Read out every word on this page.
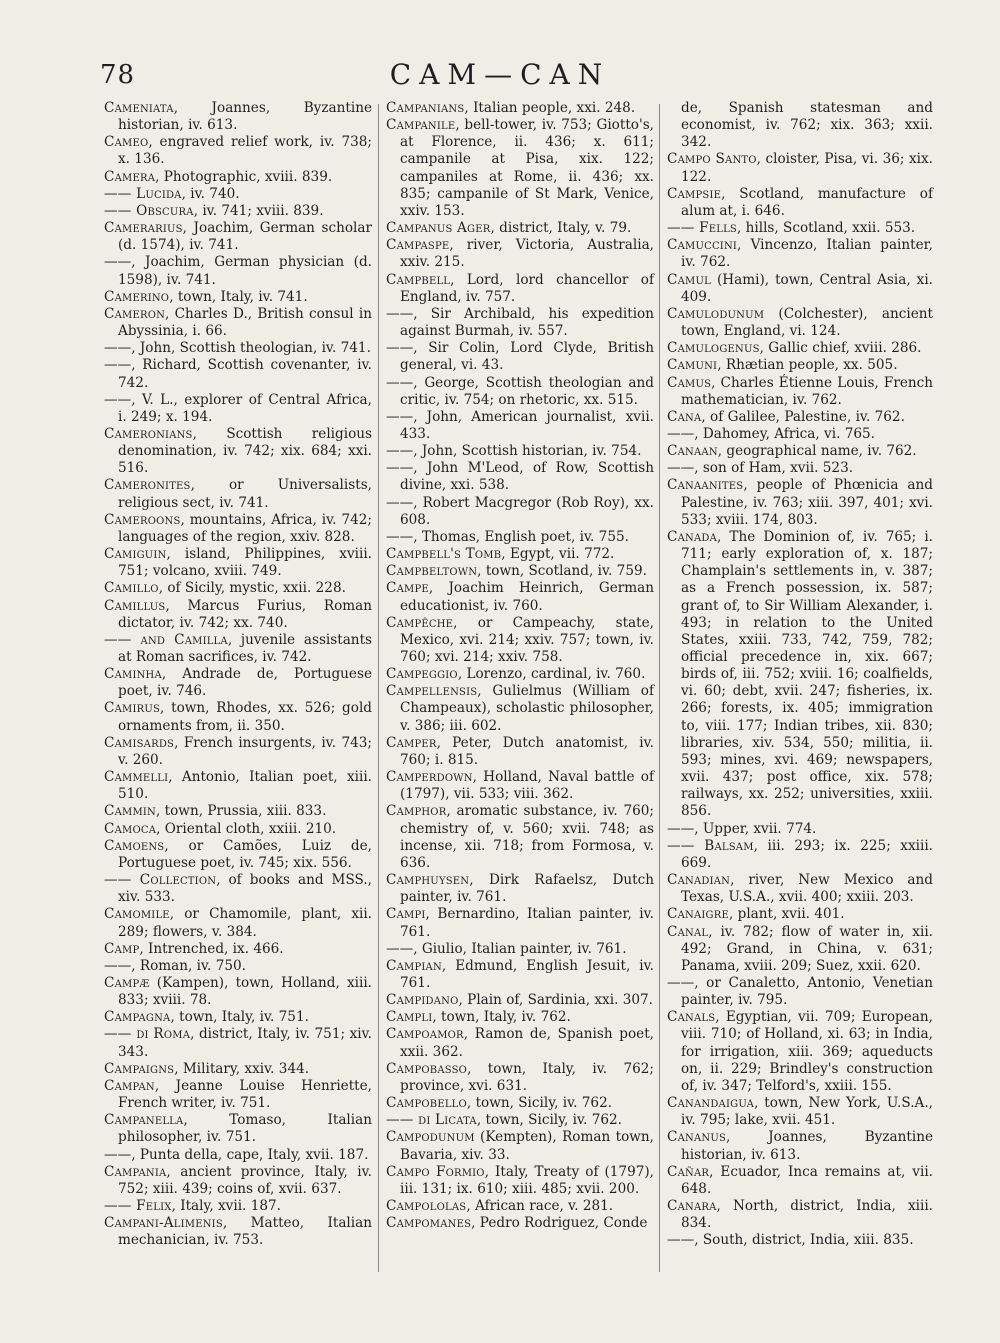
78	CAM—CAN

Cameniata, Joannes, Byzantine historian, iv. 613.

Cameo, engraved relief work, iv. 738; x. 136.

Camera, Photographic, xviii. 839.

—— Lucida, iv. 740.

—— Obscura, iv. 741; xviii. 839.

Camerarius, Joachim, German scholar (d. 1574), iv. 741.

——, Joachim, German physician (d. 1598), iv. 741.

Camerino, town, Italy, iv. 741.

Cameron, Charles D., British consul in Abyssinia, i. 66.

——, John, Scottish theologian, iv. 741.

——, Richard, Scottish covenanter, iv. 742.

——, V. L., explorer of Central Africa, i. 249; x. 194.

Cameronians, Scottish religious denomination, iv. 742; xix. 684; xxi. 516.

Cameronites, or Universalists, religious sect, iv. 741.

Cameroons, mountains, Africa, iv. 742; languages of the region, xxiv. 828.

Camiguin, island, Philippines, xviii. 751; volcano, xviii. 749.

Camillo, of Sicily, mystic, xxii. 228.

Camillus, Marcus Furius, Roman dictator, iv. 742; xx. 740.

—— and Camilla, juvenile assistants at Roman sacrifices, iv. 742.

Caminha, Andrade de, Portuguese poet, iv. 746.

Camirus, town, Rhodes, xx. 526; gold ornaments from, ii. 350.

Camisards, French insurgents, iv. 743; v. 260.

Cammelli, Antonio, Italian poet, xiii. 510.

Cammin, town, Prussia, xiii. 833.

Camoca, Oriental cloth, xxiii. 210.

Camoens, or Camões, Luiz de, Portuguese poet, iv. 745; xix. 556.

—— Collection, of books and MSS., xiv. 533.

Camomile, or Chamomile, plant, xii. 289; flowers, v. 384.

Camp, Intrenched, ix. 466.

——, Roman, iv. 750.

Campæ (Kampen), town, Holland, xiii. 833; xviii. 78.

Campagna, town, Italy, iv. 751.

—— di Roma, district, Italy, iv. 751; xiv. 343.

Campaigns, Military, xxiv. 344.

Campan, Jeanne Louise Henriette, French writer, iv. 751.

Campanella, Tomaso, Italian philosopher, iv. 751.

——, Punta della, cape, Italy, xvii. 187.

Campania, ancient province, Italy, iv. 752; xiii. 439; coins of, xvii. 637.

—— Felix, Italy, xvii. 187.

Campani-Alimenis, Matteo, Italian mechanician, iv. 753.

Campanians, Italian people, xxi. 248.

Campanile, bell-tower, iv. 753; Giotto's, at Florence, ii. 436; x. 611; campanile at Pisa, xix. 122; campaniles at Rome, ii. 436; xx. 835; campanile of St Mark, Venice, xxiv. 153.

Campanus Ager, district, Italy, v. 79.

Campaspe, river, Victoria, Australia, xxiv. 215.

Campbell, Lord, lord chancellor of England, iv. 757.

——, Sir Archibald, his expedition against Burmah, iv. 557.

——, Sir Colin, Lord Clyde, British general, vi. 43.

——, George, Scottish theologian and critic, iv. 754; on rhetoric, xx. 515.

——, John, American journalist, xvii. 433.

——, John, Scottish historian, iv. 754.

——, John M'Leod, of Row, Scottish divine, xxi. 538.

——, Robert Macgregor (Rob Roy), xx. 608.

——, Thomas, English poet, iv. 755.

Campbell's Tomb, Egypt, vii. 772.

Campbeltown, town, Scotland, iv. 759.

Campe, Joachim Heinrich, German educationist, iv. 760.

Campêche, or Campeachy, state, Mexico, xvi. 214; xxiv. 757; town, iv. 760; xvi. 214; xxiv. 758.

Campeggio, Lorenzo, cardinal, iv. 760.

Campellensis, Gulielmus (William of Champeaux), scholastic philosopher, v. 386; iii. 602.

Camper, Peter, Dutch anatomist, iv. 760; i. 815.

Camperdown, Holland, Naval battle of (1797), vii. 533; viii. 362.

Camphor, aromatic substance, iv. 760; chemistry of, v. 560; xvii. 748; as incense, xii. 718; from Formosa, v. 636.

Camphuysen, Dirk Rafaelsz, Dutch painter, iv. 761.

Campi, Bernardino, Italian painter, iv. 761.

——, Giulio, Italian painter, iv. 761.

Campian, Edmund, English Jesuit, iv. 761.

Campidano, Plain of, Sardinia, xxi. 307.

Campli, town, Italy, iv. 762.

Campoamor, Ramon de, Spanish poet, xxii. 362.

Campobasso, town, Italy, iv. 762; province, xvi. 631.

Campobello, town, Sicily, iv. 762.

—— di Licata, town, Sicily, iv. 762.

Campodunum (Kempten), Roman town, Bavaria, xiv. 33.

Campo Formio, Italy, Treaty of (1797), iii. 131; ix. 610; xiii. 485; xvii. 200.

Campololas, African race, v. 281.

Campomanes, Pedro Rodriguez, Conde

de, Spanish statesman and economist, iv. 762; xix. 363; xxii. 342.

Campo Santo, cloister, Pisa, vi. 36; xix. 122.

Campsie, Scotland, manufacture of alum at, i. 646.

—— Fells, hills, Scotland, xxii. 553.

Camuccini, Vincenzo, Italian painter, iv. 762.

Camul (Hami), town, Central Asia, xi. 409.

Camulodunum (Colchester), ancient town, England, vi. 124.

Camulogenus, Gallic chief, xviii. 286.

Camuni, Rhætian people, xx. 505.

Camus, Charles Étienne Louis, French mathematician, iv. 762.

Cana, of Galilee, Palestine, iv. 762.

——, Dahomey, Africa, vi. 765.

Canaan, geographical name, iv. 762.

——, son of Ham, xvii. 523.

Canaanites, people of Phœnicia and Palestine, iv. 763; xiii. 397, 401; xvi. 533; xviii. 174, 803.

Canada, The Dominion of, iv. 765; i. 711; early exploration of, x. 187; Champlain's settlements in, v. 387; as a French possession, ix. 587; grant of, to Sir William Alexander, i. 493; in relation to the United States, xxiii. 733, 742, 759, 782; official precedence in, xix. 667; birds of, iii. 752; xviii. 16; coalfields, vi. 60; debt, xvii. 247; fisheries, ix. 266; forests, ix. 405; immigration to, viii. 177; Indian tribes, xii. 830; libraries, xiv. 534, 550; militia, ii. 593; mines, xvi. 469; newspapers, xvii. 437; post office, xix. 578; railways, xx. 252; universities, xxiii. 856.

——, Upper, xvii. 774.

—— Balsam, iii. 293; ix. 225; xxiii. 669.

Canadian, river, New Mexico and Texas, U.S.A., xvii. 400; xxiii. 203.

Canaigre, plant, xvii. 401.

Canal, iv. 782; flow of water in, xii. 492; Grand, in China, v. 631; Panama, xviii. 209; Suez, xxii. 620.

——, or Canaletto, Antonio, Venetian painter, iv. 795.

Canals, Egyptian, vii. 709; European, viii. 710; of Holland, xi. 63; in India, for irrigation, xiii. 369; aqueducts on, ii. 229; Brindley's construction of, iv. 347; Telford's, xxiii. 155.

Canandaigua, town, New York, U.S.A., iv. 795; lake, xvii. 451.

Cananus, Joannes, Byzantine historian, iv. 613.

Cañar, Ecuador, Inca remains at, vii. 648.

Canara, North, district, India, xiii. 834.

——, South, district, India, xiii. 835.
